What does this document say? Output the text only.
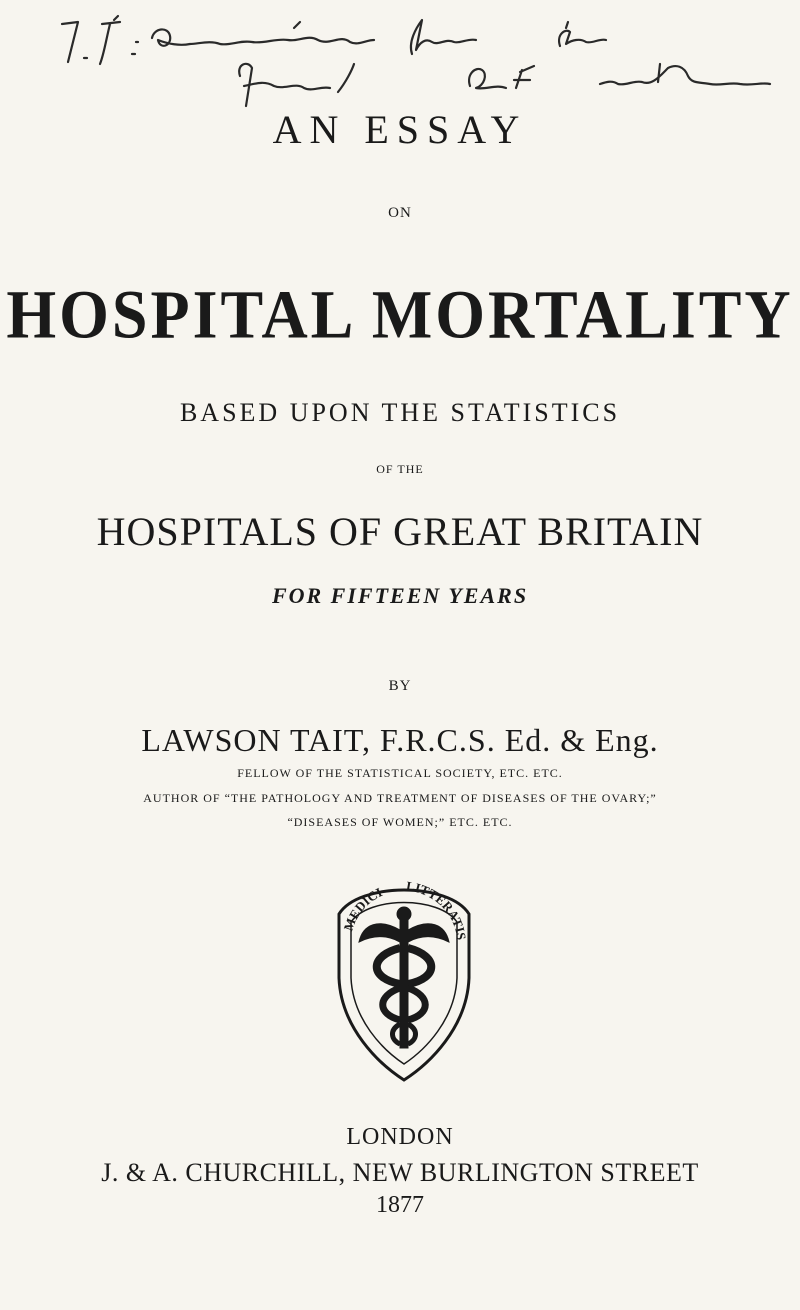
AN ESSAY
ON
HOSPITAL MORTALITY
BASED UPON THE STATISTICS
OF THE
HOSPITALS OF GREAT BRITAIN
FOR FIFTEEN YEARS
BY
LAWSON TAIT, F.R.C.S. Ed. & Eng.
FELLOW OF THE STATISTICAL SOCIETY, ETC. ETC.
AUTHOR OF “THE PATHOLOGY AND TREATMENT OF DISEASES OF THE OVARY;”
“DISEASES OF WOMEN;” ETC. ETC.
MEDICI LITTERATIS
LONDON
J. & A. CHURCHILL, NEW BURLINGTON STREET
1877
